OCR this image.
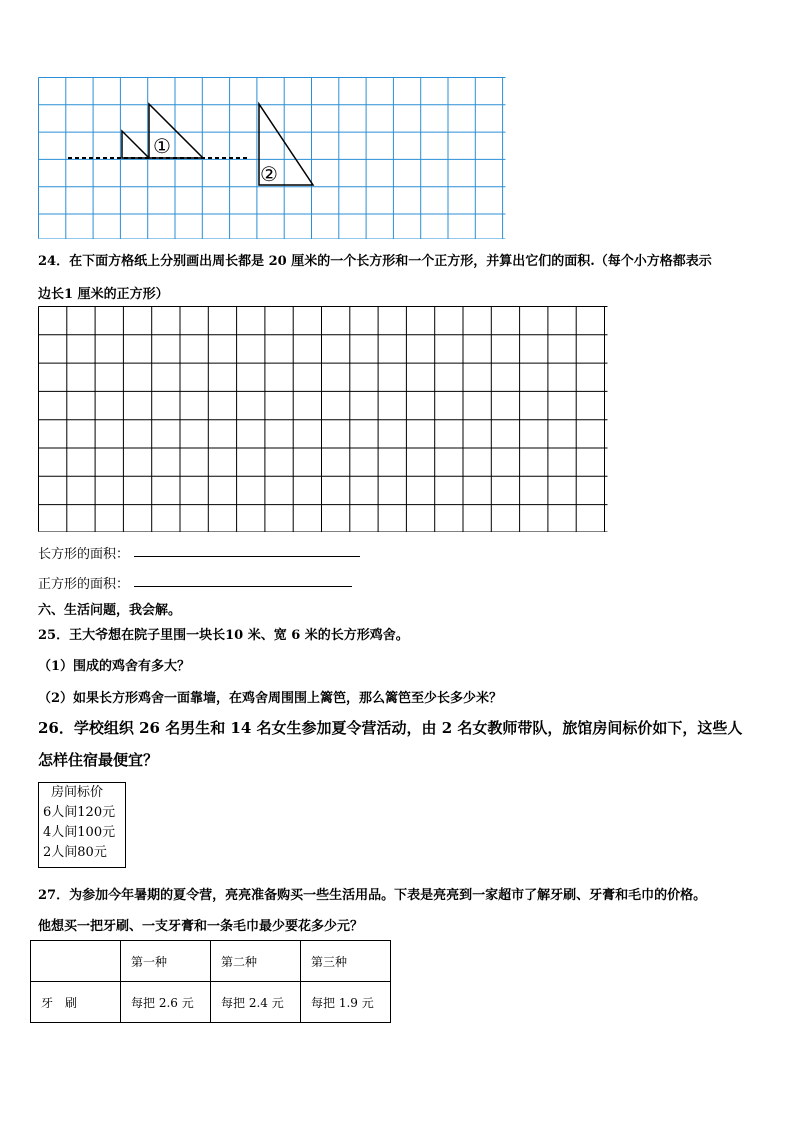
①
②
24．在下面方格纸上分别画出周长都是 20 厘米的一个长方形和一个正方形，并算出它们的面积.（每个小方格都表示
边长1 厘米的正方形）
长方形的面积：
正方形的面积：
六、生活问题，我会解。
25．王大爷想在院子里围一块长10 米、宽 6 米的长方形鸡舍。
（1）围成的鸡舍有多大？
（2）如果长方形鸡舍一面靠墙，在鸡舍周围围上篱笆，那么篱笆至少长多少米？
26．学校组织 26 名男生和 14 名女生参加夏令营活动，由 2 名女教师带队，旅馆房间标价如下，这些人
怎样住宿最便宜？
房间标价
6人间120元
4人间100元
2人间80元
27．为参加今年暑期的夏令营，亮亮准备购买一些生活用品。下表是亮亮到一家超市了解牙刷、牙膏和毛巾的价格。
他想买一把牙刷、一支牙膏和一条毛巾最少要花多少元？
	第一种	第二种	第三种
牙　刷	每把 2.6 元	每把 2.4 元	每把 1.9 元
